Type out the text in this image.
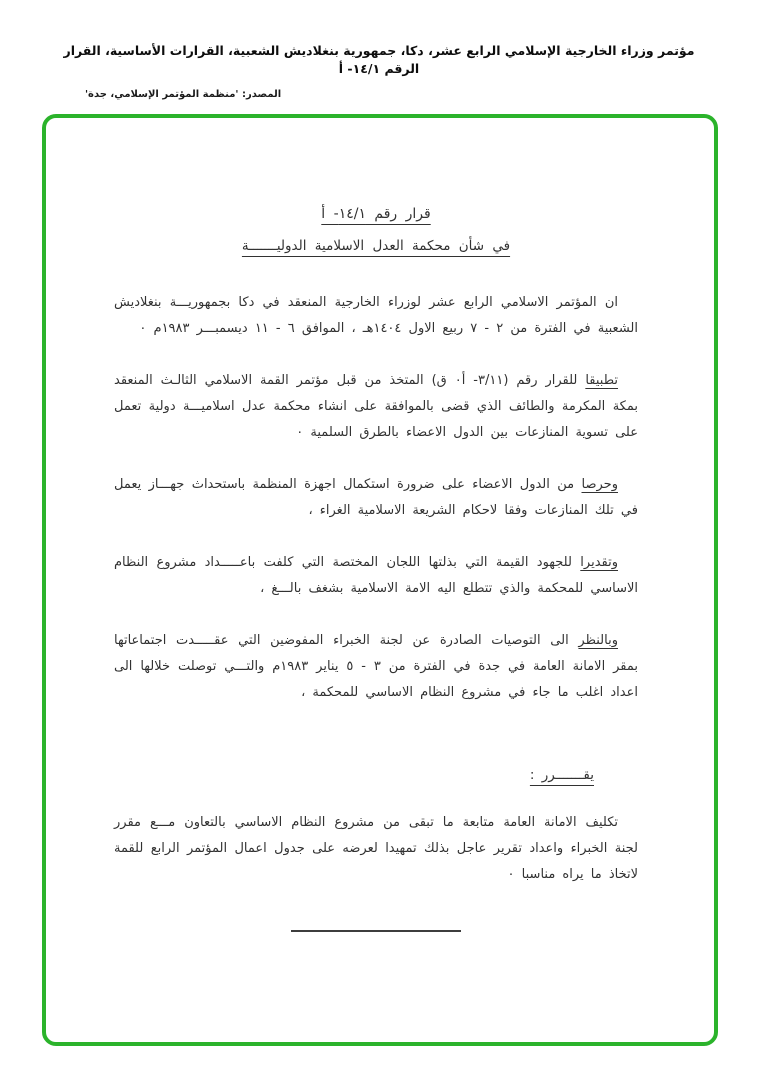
مؤتمر وزراء الخارجية الإسلامي الرابع عشر، دكا، جمهورية بنغلاديش الشعبية، القرارات الأساسية، القرار الرقم ١٤/١- أ
المصدر: 'منظمة المؤتمر الإسلامي، جدة'
قرار رقم ١٤/١- أ
في شأن محكمة العدل الاسلامية الدوليـــــــة

ان المؤتمر الاسلامي الرابع عشر لوزراء الخارجية المنعقد في دكا بجمهوريـــة بنغلاديش الشعبية في الفترة من ٢ - ٧ ربيع الاول ١٤٠٤هـ ، الموافق ٦ - ١١ ديسمبـــر ١٩٨٣م ٠

تطبيقا للقرار رقم (٣/١١- أ٠ ق) المتخذ من قبل مؤتمر القمة الاسلامي الثالـث المنعقد بمكة المكرمة والطائف الذي قضى بالموافقة على انشاء محكمة عدل اسلاميـــة دولية تعمل على تسوية المنازعات بين الدول الاعضاء بالطرق السلمية ٠

وحرصا من الدول الاعضاء على ضرورة استكمال اجهزة المنظمة باستحداث جهـــاز يعمل في تلك المنازعات وفقا لاحكام الشريعة الاسلامية الغراء ،

وتقديرا للجهود القيمة التي بذلتها اللجان المختصة التي كلفت باعـــــداد مشروع النظام الاساسي للمحكمة والذي تتطلع اليه الامة الاسلامية بشغف بالـــغ ،

وبالنظر الى التوصيات الصادرة عن لجنة الخبراء المفوضين التي عقـــــدت اجتماعاتها بمقر الامانة العامة في جدة في الفترة من ٣ - ٥ يناير ١٩٨٣م والتـــي توصلت خلالها الى اعداد اغلب ما جاء في مشروع النظام الاساسي للمحكمة ،

يقـــــــرر :

تكليف الامانة العامة متابعة ما تبقى من مشروع النظام الاساسي بالتعاون مـــع مقرر لجنة الخبراء واعداد تقرير عاجل بذلك تمهيدا لعرضه على جدول اعمال المؤتمر الرابع للقمة لاتخاذ ما يراه مناسبا ٠
